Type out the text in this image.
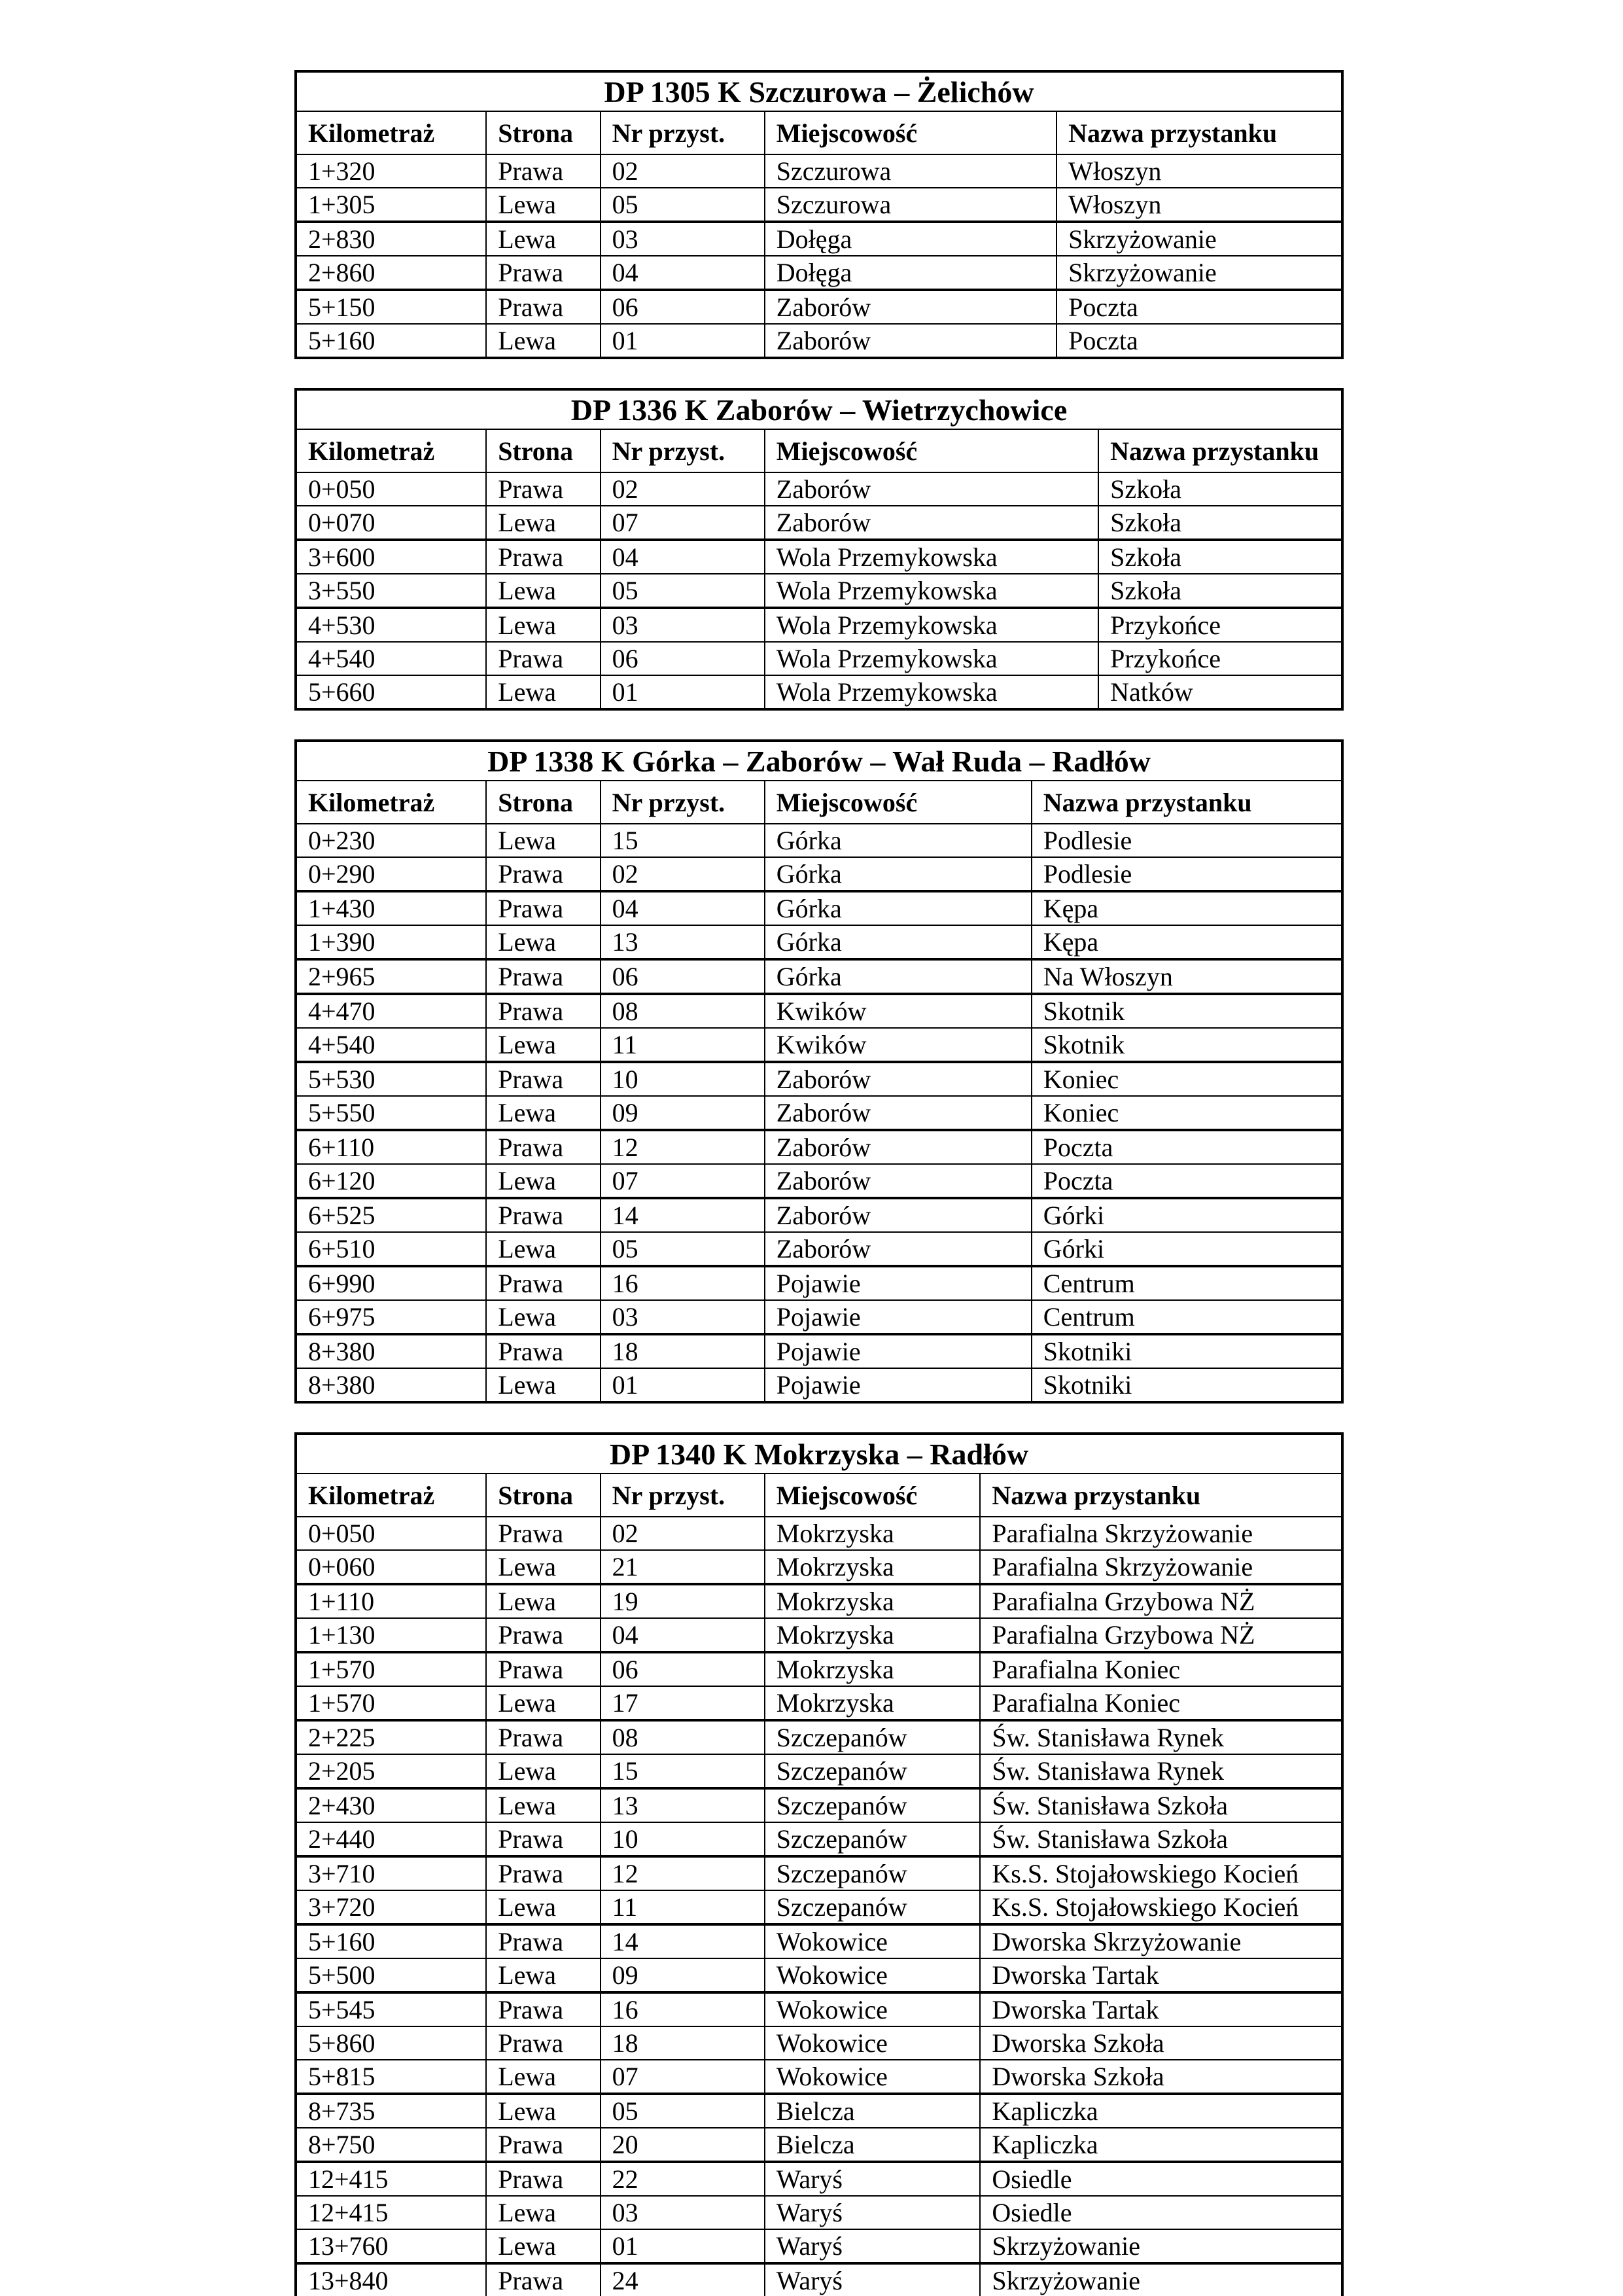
DP 1305 K Szczurowa – Żelichów				
Kilometraż	Strona	Nr przyst.	Miejscowość	Nazwa przystanku
1+320	Prawa	02	Szczurowa	Włoszyn
1+305	Lewa	05	Szczurowa	Włoszyn
2+830	Lewa	03	Dołęga	Skrzyżowanie
2+860	Prawa	04	Dołęga	Skrzyżowanie
5+150	Prawa	06	Zaborów	Poczta
5+160	Lewa	01	Zaborów	Poczta
DP 1336 K Zaborów – Wietrzychowice				
Kilometraż	Strona	Nr przyst.	Miejscowość	Nazwa przystanku
0+050	Prawa	02	Zaborów	Szkoła
0+070	Lewa	07	Zaborów	Szkoła
3+600	Prawa	04	Wola Przemykowska	Szkoła
3+550	Lewa	05	Wola Przemykowska	Szkoła
4+530	Lewa	03	Wola Przemykowska	Przykońce
4+540	Prawa	06	Wola Przemykowska	Przykońce
5+660	Lewa	01	Wola Przemykowska	Natków
DP 1338 K Górka – Zaborów – Wał Ruda – Radłów				
Kilometraż	Strona	Nr przyst.	Miejscowość	Nazwa przystanku
0+230	Lewa	15	Górka	Podlesie
0+290	Prawa	02	Górka	Podlesie
1+430	Prawa	04	Górka	Kępa
1+390	Lewa	13	Górka	Kępa
2+965	Prawa	06	Górka	Na Włoszyn
4+470	Prawa	08	Kwików	Skotnik
4+540	Lewa	11	Kwików	Skotnik
5+530	Prawa	10	Zaborów	Koniec
5+550	Lewa	09	Zaborów	Koniec
6+110	Prawa	12	Zaborów	Poczta
6+120	Lewa	07	Zaborów	Poczta
6+525	Prawa	14	Zaborów	Górki
6+510	Lewa	05	Zaborów	Górki
6+990	Prawa	16	Pojawie	Centrum
6+975	Lewa	03	Pojawie	Centrum
8+380	Prawa	18	Pojawie	Skotniki
8+380	Lewa	01	Pojawie	Skotniki
DP 1340 K Mokrzyska – Radłów				
Kilometraż	Strona	Nr przyst.	Miejscowość	Nazwa przystanku
0+050	Prawa	02	Mokrzyska	Parafialna Skrzyżowanie
0+060	Lewa	21	Mokrzyska	Parafialna Skrzyżowanie
1+110	Lewa	19	Mokrzyska	Parafialna Grzybowa NŻ
1+130	Prawa	04	Mokrzyska	Parafialna Grzybowa NŻ
1+570	Prawa	06	Mokrzyska	Parafialna Koniec
1+570	Lewa	17	Mokrzyska	Parafialna Koniec
2+225	Prawa	08	Szczepanów	Św. Stanisława Rynek
2+205	Lewa	15	Szczepanów	Św. Stanisława Rynek
2+430	Lewa	13	Szczepanów	Św. Stanisława Szkoła
2+440	Prawa	10	Szczepanów	Św. Stanisława Szkoła
3+710	Prawa	12	Szczepanów	Ks.S. Stojałowskiego Kocień
3+720	Lewa	11	Szczepanów	Ks.S. Stojałowskiego Kocień
5+160	Prawa	14	Wokowice	Dworska Skrzyżowanie
5+500	Lewa	09	Wokowice	Dworska Tartak
5+545	Prawa	16	Wokowice	Dworska Tartak
5+860	Prawa	18	Wokowice	Dworska Szkoła
5+815	Lewa	07	Wokowice	Dworska Szkoła
8+735	Lewa	05	Bielcza	Kapliczka
8+750	Prawa	20	Bielcza	Kapliczka
12+415	Prawa	22	Waryś	Osiedle
12+415	Lewa	03	Waryś	Osiedle
13+760	Lewa	01	Waryś	Skrzyżowanie
13+840	Prawa	24	Waryś	Skrzyżowanie
